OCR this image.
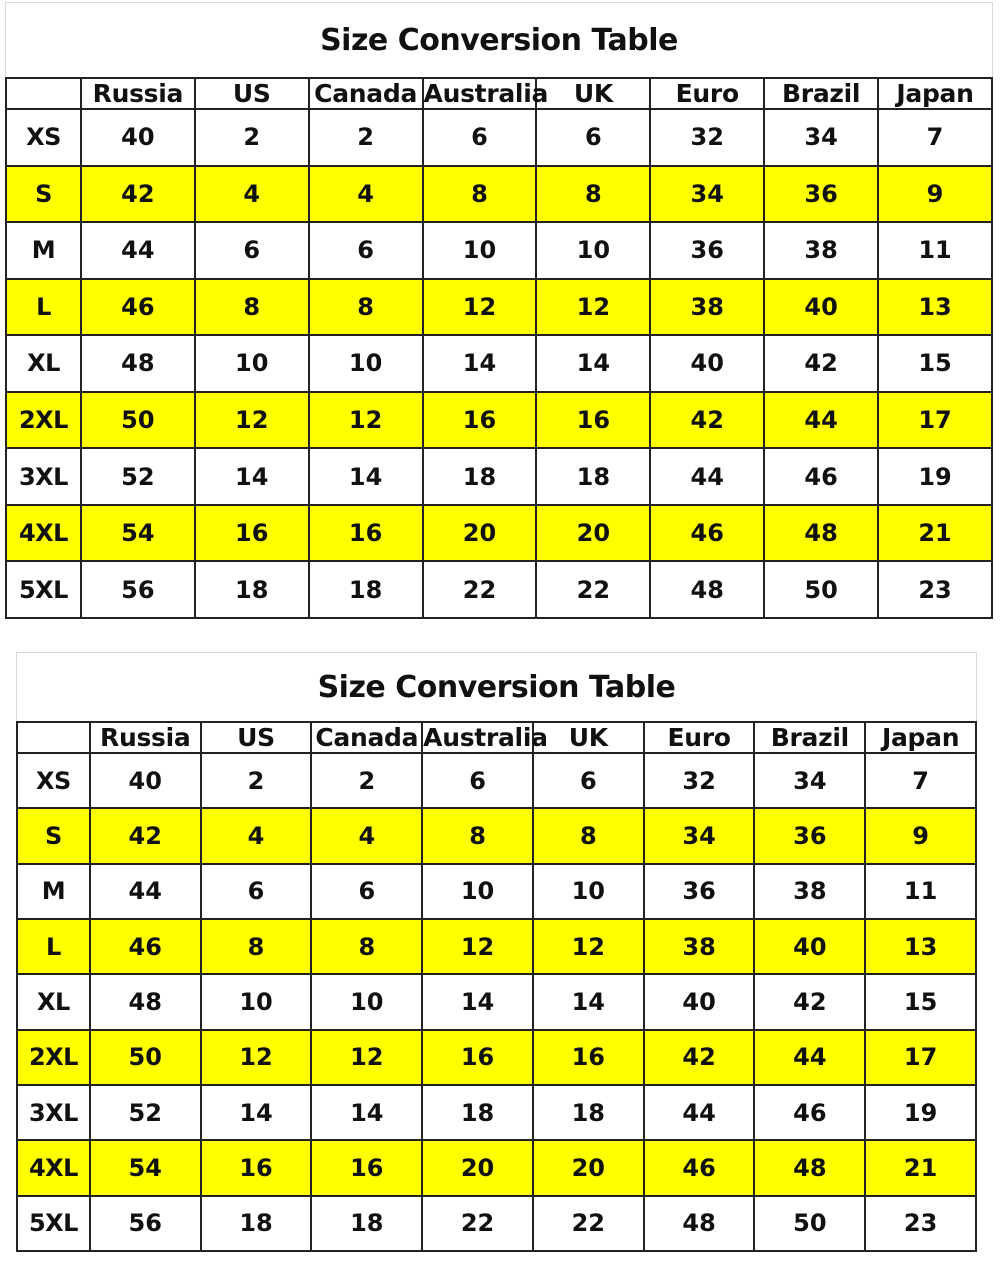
Size Conversion Table
	Russia	US	Canada	Australia	UK	Euro	Brazil	Japan
XS	40	2	2	6	6	32	34	7
S	42	4	4	8	8	34	36	9
M	44	6	6	10	10	36	38	11
L	46	8	8	12	12	38	40	13
XL	48	10	10	14	14	40	42	15
2XL	50	12	12	16	16	42	44	17
3XL	52	14	14	18	18	44	46	19
4XL	54	16	16	20	20	46	48	21
5XL	56	18	18	22	22	48	50	23
Size Conversion Table
	Russia	US	Canada	Australia	UK	Euro	Brazil	Japan
XS	40	2	2	6	6	32	34	7
S	42	4	4	8	8	34	36	9
M	44	6	6	10	10	36	38	11
L	46	8	8	12	12	38	40	13
XL	48	10	10	14	14	40	42	15
2XL	50	12	12	16	16	42	44	17
3XL	52	14	14	18	18	44	46	19
4XL	54	16	16	20	20	46	48	21
5XL	56	18	18	22	22	48	50	23
